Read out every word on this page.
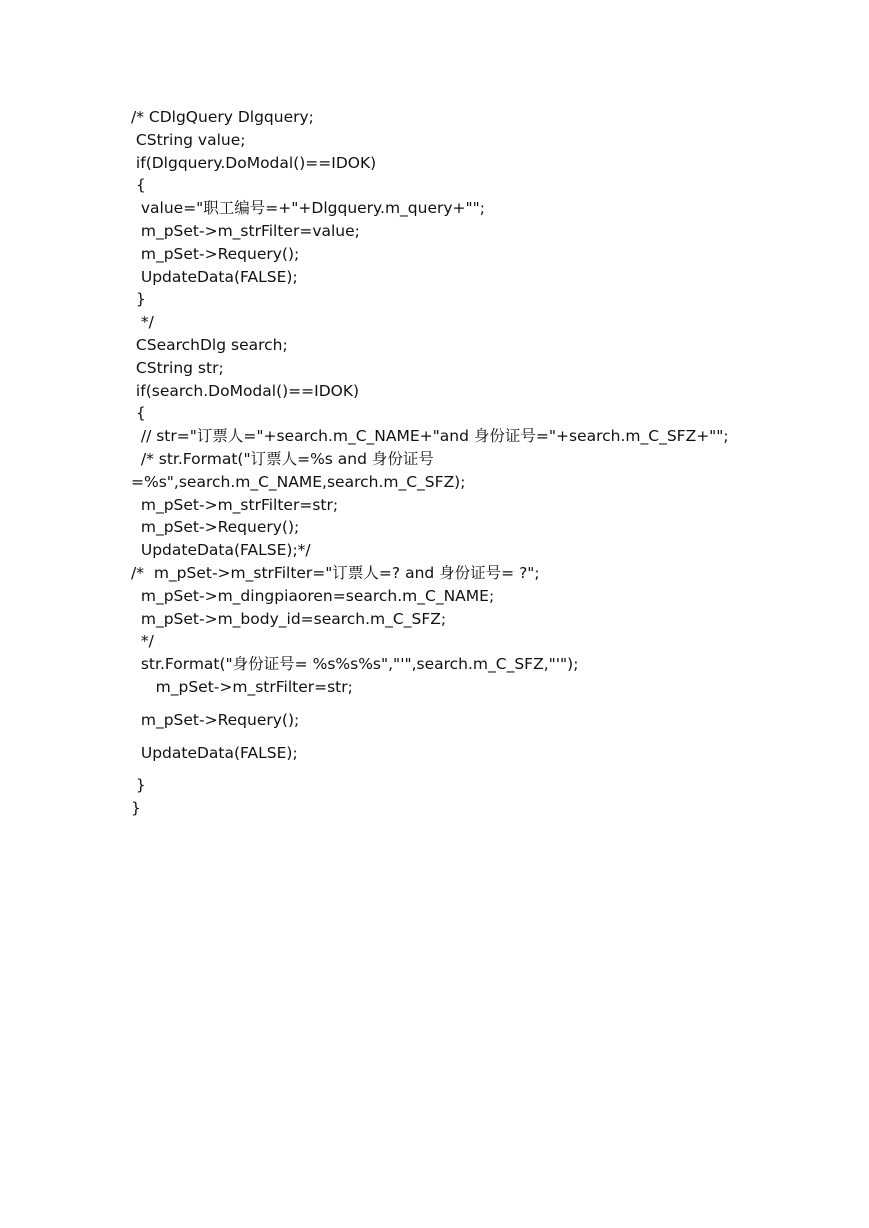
/* CDlgQuery Dlgquery;
CString value;
if(Dlgquery.DoModal()==IDOK)
{
value="职工编号=+"+Dlgquery.m_query+"";
m_pSet->m_strFilter=value;
m_pSet->Requery();
UpdateData(FALSE);
}
*/
CSearchDlg search;
CString str;
if(search.DoModal()==IDOK)
{
// str="订票人="+search.m_C_NAME+"and 身份证号="+search.m_C_SFZ+"";
/* str.Format("订票人=%s and 身份证号
=%s",search.m_C_NAME,search.m_C_SFZ);
m_pSet->m_strFilter=str;
m_pSet->Requery();
UpdateData(FALSE);*/
/*  m_pSet->m_strFilter="订票人=? and 身份证号= ?";
m_pSet->m_dingpiaoren=search.m_C_NAME;
m_pSet->m_body_id=search.m_C_SFZ;
*/
str.Format("身份证号= %s%s%s","'",search.m_C_SFZ,"'");
m_pSet->m_strFilter=str;
m_pSet->Requery();
UpdateData(FALSE);
}
}
